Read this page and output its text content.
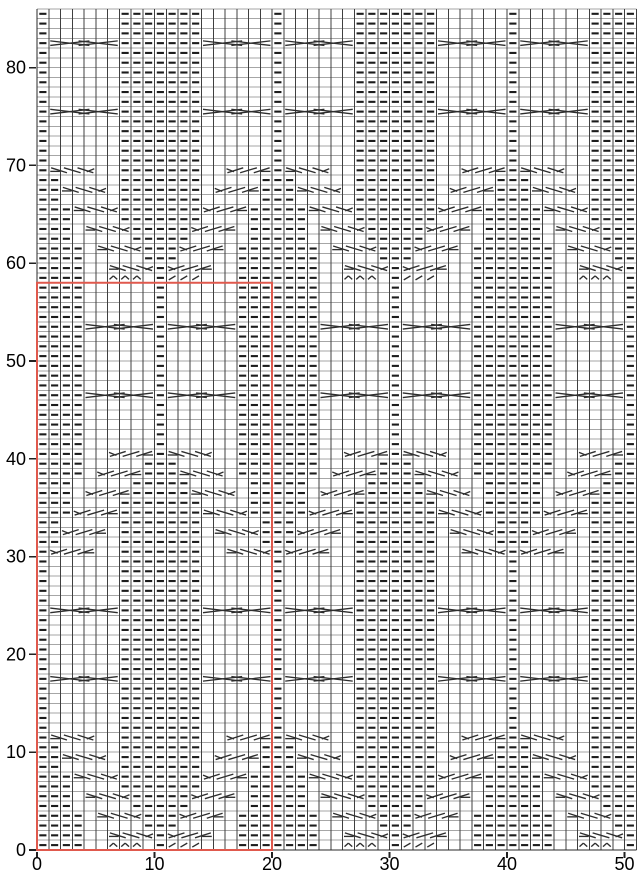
0
10
20
30
40
50
60
70
80
0	10	20	30	40	50
